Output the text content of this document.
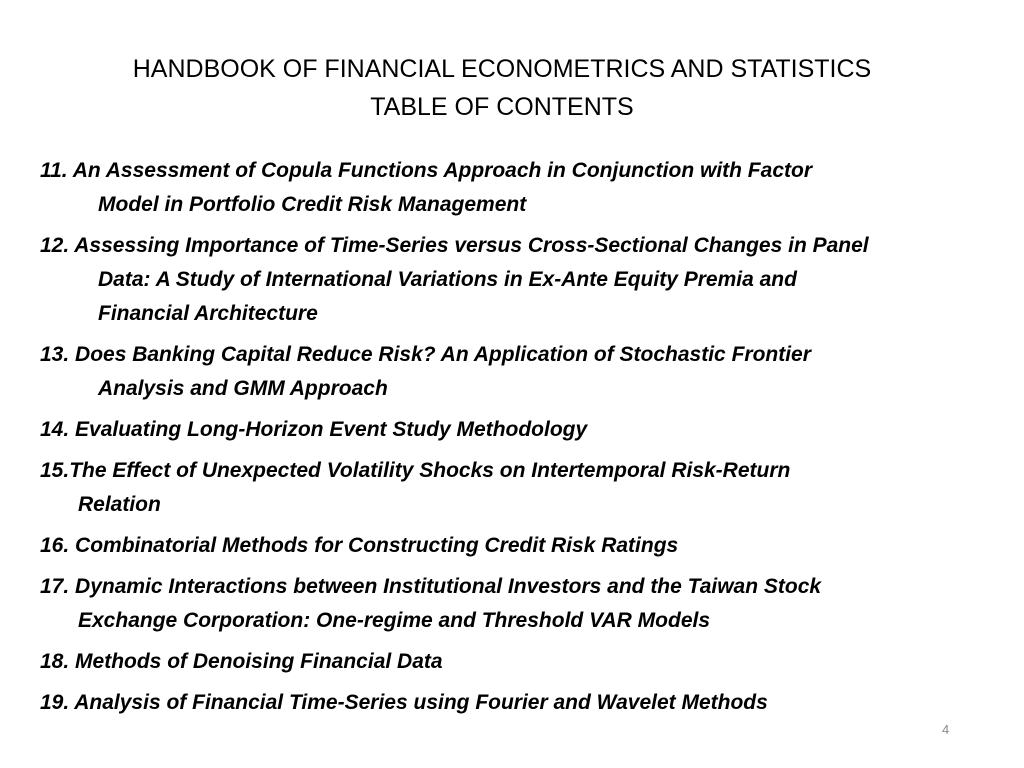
HANDBOOK OF FINANCIAL ECONOMETRICS AND STATISTICS
TABLE OF CONTENTS
11. An Assessment of Copula Functions Approach in Conjunction with Factor
Model in Portfolio Credit Risk Management
12. Assessing Importance of Time-Series versus Cross-Sectional Changes in Panel
Data: A Study of International Variations in Ex-Ante Equity Premia and
Financial Architecture
13. Does Banking Capital Reduce Risk? An Application of Stochastic Frontier
Analysis and GMM Approach
14. Evaluating Long-Horizon Event Study Methodology
15.The Effect of Unexpected Volatility Shocks on Intertemporal Risk-Return
Relation
16. Combinatorial Methods for Constructing Credit Risk Ratings
17. Dynamic Interactions between Institutional Investors and the Taiwan Stock
Exchange Corporation: One-regime and Threshold VAR Models
18. Methods of Denoising Financial Data
19. Analysis of Financial Time-Series using Fourier and Wavelet Methods
4
